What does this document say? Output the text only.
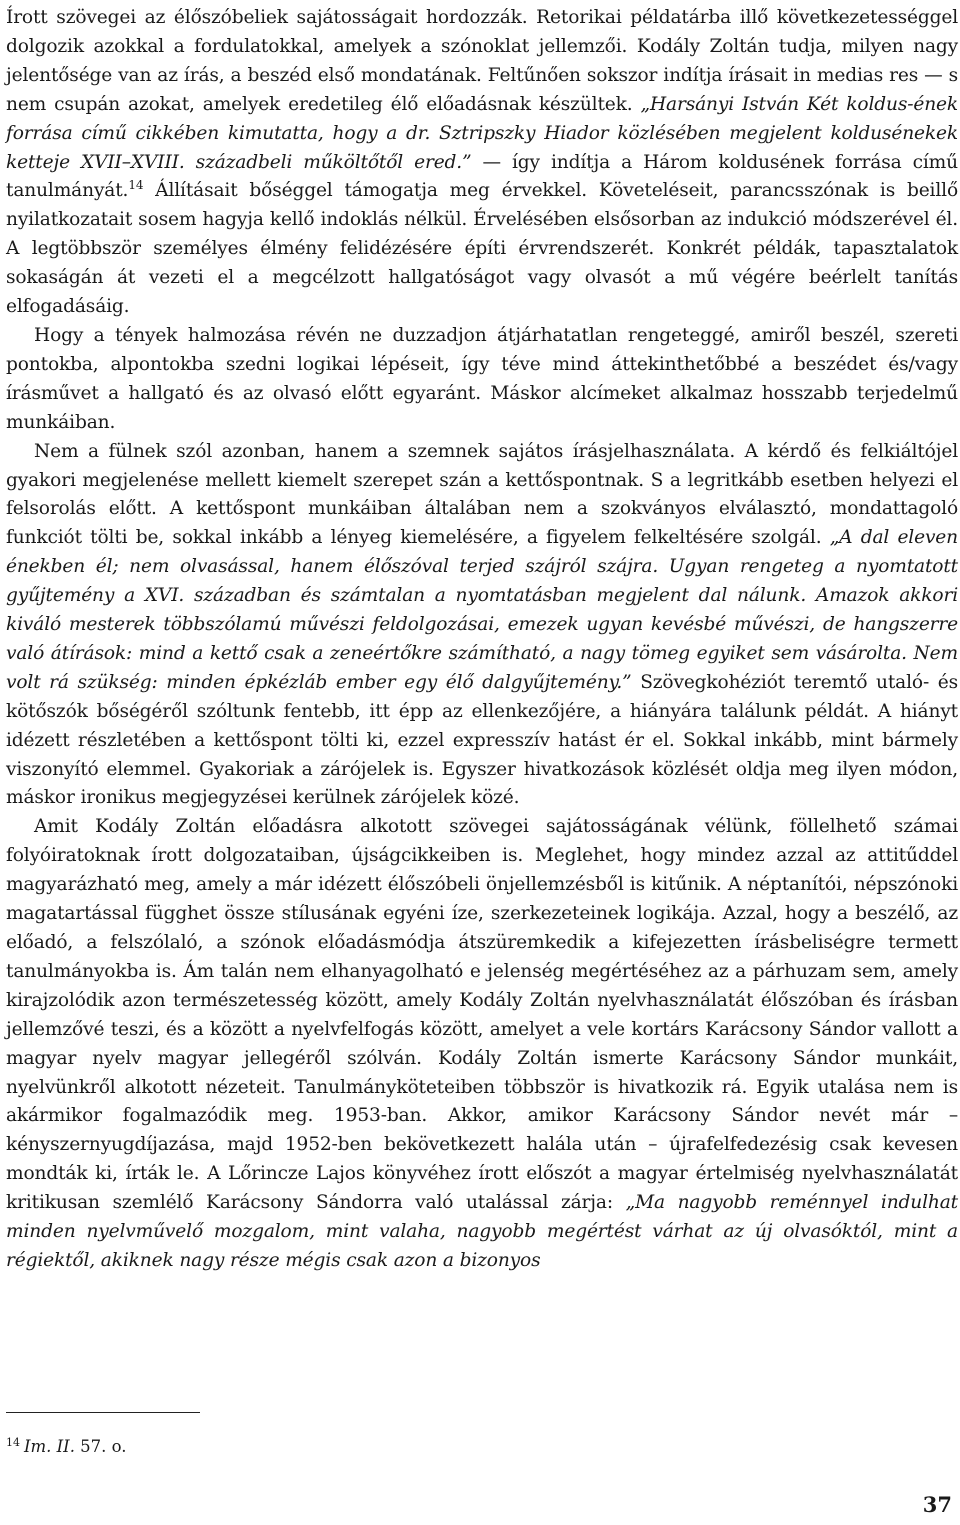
Írott szövegei az élőszóbeliek sajátosságait hordozzák. Retorikai példatárba illő következetességgel dolgozik azokkal a fordulatokkal, amelyek a szónoklat jellemzői. Kodály Zoltán tudja, milyen nagy jelentősége van az írás, a beszéd első mondatának. Feltűnően sokszor indítja írásait in medias res — s nem csupán azokat, amelyek eredetileg élő előadásnak készültek. „Harsányi István Két koldus-ének forrása című cikkében kimutatta, hogy a dr. Sztripszky Hiador közlésében megjelent koldusénekek ketteje XVII–XVIII. századbeli műköltőtől ered.” — így indítja a Három koldusének forrása című tanulmányát.$^{14}$ Állításait bőséggel támogatja meg érvekkel. Követeléseit, parancsszónak is beillő nyilatkozatait sosem hagyja kellő indoklás nélkül. Érvelésében elsősorban az indukció módszerével él. A legtöbbször személyes élmény felidézésére építi érvrendszerét. Konkrét példák, tapasztalatok sokaságán át vezeti el a megcélzott hallgatóságot vagy olvasót a mű végére beérlelt tanítás elfogadásáig.

Hogy a tények halmozása révén ne duzzadjon átjárhatatlan rengeteggé, amiről beszél, szereti pontokba, alpontokba szedni logikai lépéseit, így téve mind áttekinthetőbbé a beszédet és/vagy írásművet a hallgató és az olvasó előtt egyaránt. Máskor alcímeket alkalmaz hosszabb terjedelmű munkáiban.

Nem a fülnek szól azonban, hanem a szemnek sajátos írásjelhasználata. A kérdő és felkiáltójel gyakori megjelenése mellett kiemelt szerepet szán a kettőspontnak. S a legritkább esetben helyezi el felsorolás előtt. A kettőspont munkáiban általában nem a szokványos elválasztó, mondattagoló funkciót tölti be, sokkal inkább a lényeg kiemelésére, a figyelem felkeltésére szolgál. „A dal eleven énekben él; nem olvasással, hanem élőszóval terjed szájról szájra. Ugyan rengeteg a nyomtatott gyűjtemény a XVI. században és számtalan a nyomtatásban megjelent dal nálunk. Amazok akkori kiváló mesterek többszólamú művészi feldolgozásai, emezek ugyan kevésbé művészi, de hangszerre való átírások: mind a kettő csak a zeneértőkre számítható, a nagy tömeg egyiket sem vásárolta. Nem volt rá szükség: minden épkézláb ember egy élő dalgyűjtemény.” Szövegkohéziót teremtő utaló- és kötőszók bőségéről szóltunk fentebb, itt épp az ellenkezőjére, a hiányára találunk példát. A hiányt idézett részletében a kettőspont tölti ki, ezzel expresszív hatást ér el. Sokkal inkább, mint bármely viszonyító elemmel. Gyakoriak a zárójelek is. Egyszer hivatkozások közlését oldja meg ilyen módon, máskor ironikus megjegyzései kerülnek zárójelek közé.

Amit Kodály Zoltán előadásra alkotott szövegei sajátosságának vélünk, föllelhető számai folyóiratoknak írott dolgozataiban, újságcikkeiben is. Meglehet, hogy mindez azzal az attitűddel magyarázható meg, amely a már idézett élőszóbeli önjellemzésből is kitűnik. A néptanítói, népszónoki magatartással függhet össze stílusának egyéni íze, szerkezeteinek logikája. Azzal, hogy a beszélő, az előadó, a felszólaló, a szónok előadásmódja átszüremkedik a kifejezetten írásbeliségre termett tanulmányokba is. Ám talán nem elhanyagolható e jelenség megértéséhez az a párhuzam sem, amely kirajzolódik azon természetesség között, amely Kodály Zoltán nyelvhasználatát élőszóban és írásban jellemzővé teszi, és a között a nyelvfelfogás között, amelyet a vele kortárs Karácsony Sándor vallott a magyar nyelv magyar jellegéről szólván. Kodály Zoltán ismerte Karácsony Sándor munkáit, nyelvünkről alkotott nézeteit. Tanulmányköteteiben többször is hivatkozik rá. Egyik utalása nem is akármikor fogalmazódik meg. 1953-ban. Akkor, amikor Karácsony Sándor nevét már – kényszernyugdíjazása, majd 1952-ben bekövetkezett halála után – újrafelfedezésig csak kevesen mondták ki, írták le. A Lőrincze Lajos könyvéhez írott előszót a magyar értelmiség nyelvhasználatát kritikusan szemlélő Karácsony Sándorra való utalással zárja: „Ma nagyobb reménnyel indulhat minden nyelvművelő mozgalom, mint valaha, nagyobb megértést várhat az új olvasóktól, mint a régiektől, akiknek nagy része mégis csak azon a bizonyos

$^{14}$ Im. II. 57. o.
37
